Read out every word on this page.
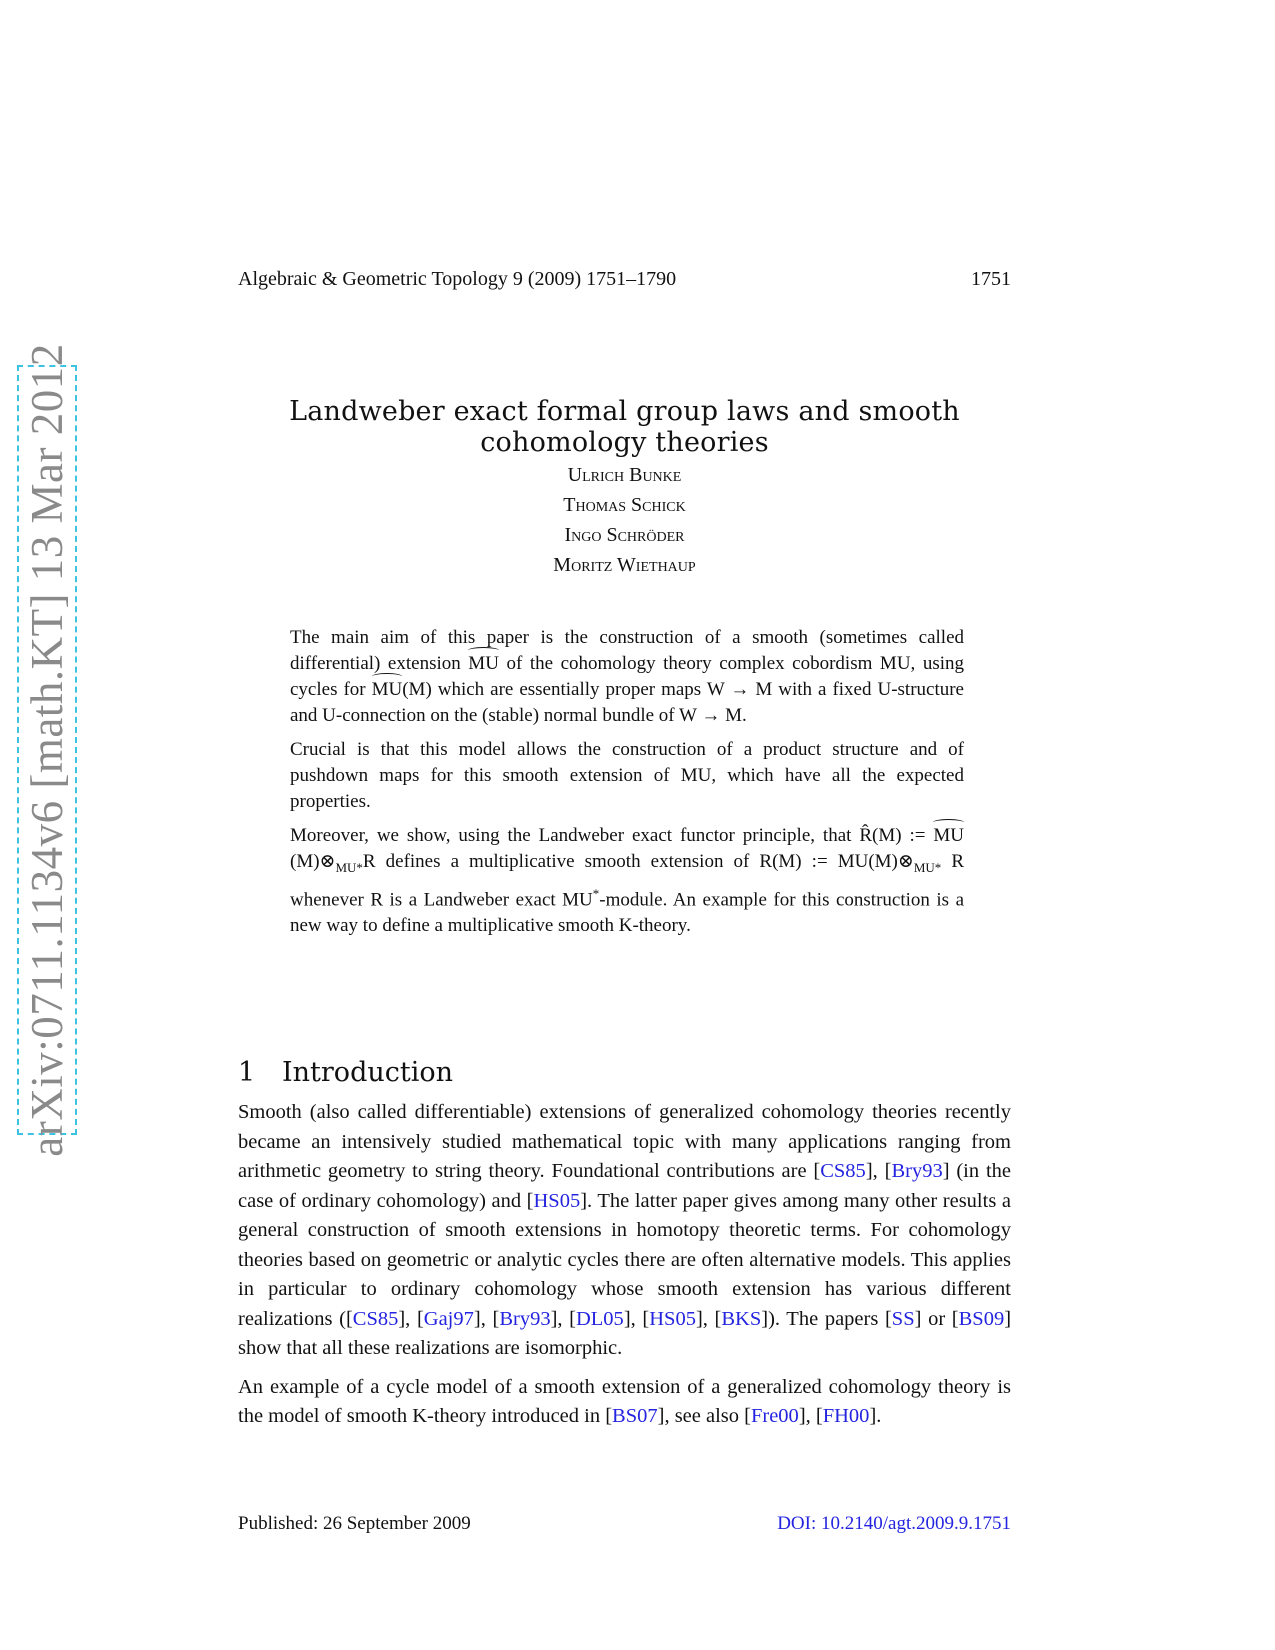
arXiv:0711.1134v6 [math.KT] 13 Mar 2012
Algebraic & Geometric Topology 9 (2009) 1751–1790	1751
Landweber exact formal group laws and smooth cohomology theories
Ulrich Bunke
Thomas Schick
Ingo Schröder
Moritz Wiethaup

The main aim of this paper is the construction of a smooth (sometimes called differential) extension MU of the cohomology theory complex cobordism MU, using cycles for MU(M) which are essentially proper maps W → M with a fixed U-structure and U-connection on the (stable) normal bundle of W → M.

Crucial is that this model allows the construction of a product structure and of pushdown maps for this smooth extension of MU, which have all the expected properties.

Moreover, we show, using the Landweber exact functor principle, that R̂(M) := $MU(M)\otimes_{MU*}R$ defines a multiplicative smooth extension of R(M) := $MU(M)\otimes_{MU*}$ R whenever R is a Landweber exact MU*-module. An example for this construction is a new way to define a multiplicative smooth K-theory.

1 Introduction

Smooth (also called differentiable) extensions of generalized cohomology theories recently became an intensively studied mathematical topic with many applications ranging from arithmetic geometry to string theory. Foundational contributions are [CS85], [Bry93] (in the case of ordinary cohomology) and [HS05]. The latter paper gives among many other results a general construction of smooth extensions in homotopy theoretic terms. For cohomology theories based on geometric or analytic cycles there are often alternative models. This applies in particular to ordinary cohomology whose smooth extension has various different realizations ([CS85], [Gaj97], [Bry93], [DL05], [HS05], [BKS]). The papers [SS] or [BS09] show that all these realizations are isomorphic.

An example of a cycle model of a smooth extension of a generalized cohomology theory is the model of smooth K-theory introduced in [BS07], see also [Fre00], [FH00].

Published: 26 September 2009	DOI: 10.2140/agt.2009.9.1751
